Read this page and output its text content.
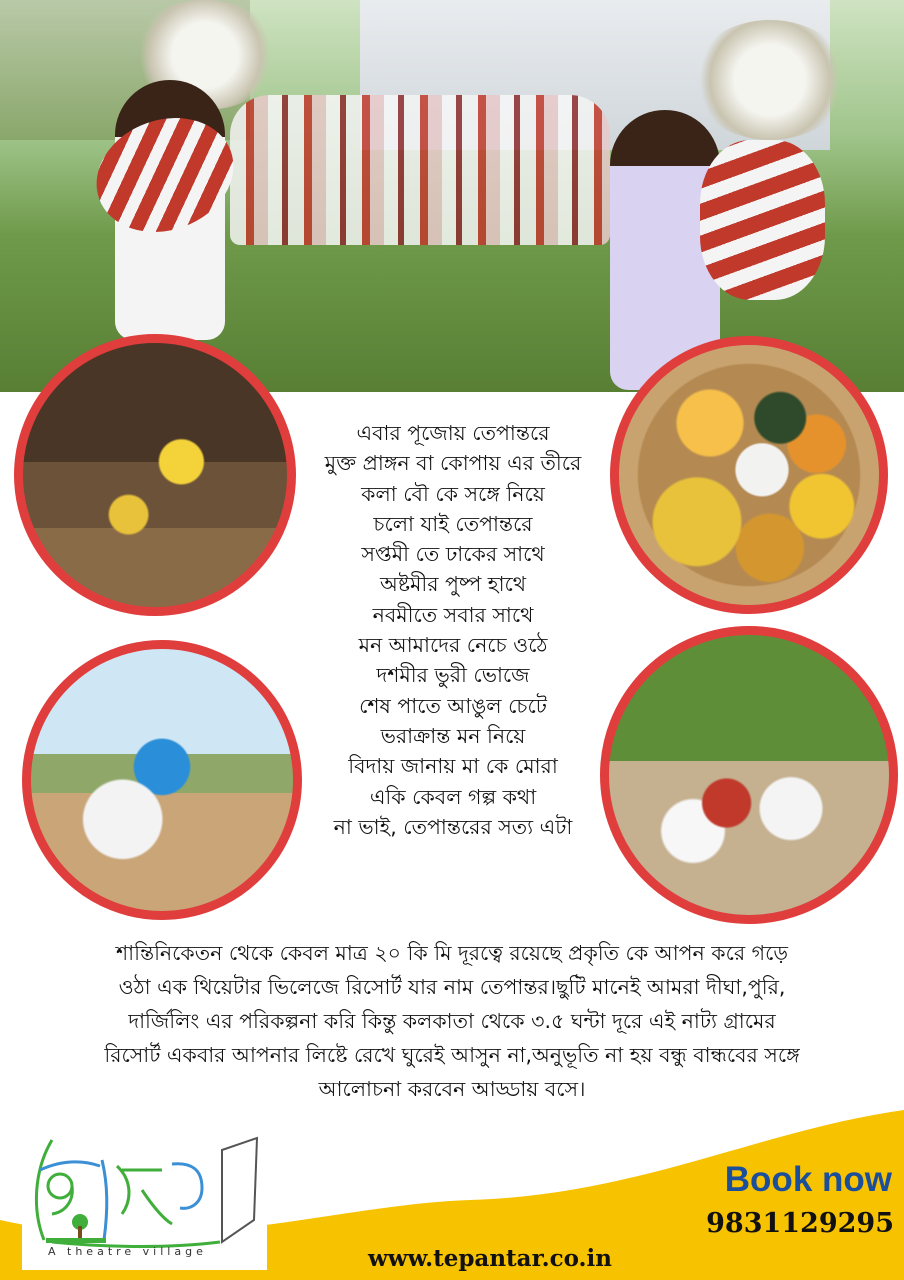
এবার পূজোয় তেপান্তরে
মুক্ত প্রাঙ্গন বা কোপায় এর তীরে
কলা বৌ কে সঙ্গে নিয়ে
চলো যাই তেপান্তরে
সপ্তমী তে ঢাকের সাথে
অষ্টমীর পুষ্প হাথে
নবমীতে সবার সাথে
মন আমাদের নেচে ওঠে
দশমীর ভুরী ভোজে
শেষ পাতে আঙুল চেটে
ভরাক্রান্ত মন নিয়ে
বিদায় জানায় মা কে মোরা
একি কেবল গল্প কথা
না ভাই, তেপান্তরের সত্য এটা
শান্তিনিকেতন থেকে কেবল মাত্র ২০ কি মি দূরত্বে রয়েছে প্রকৃতি কে আপন করে গড়ে
ওঠা এক থিয়েটার ভিলেজে রিসোর্ট যার নাম তেপান্তর।ছুটি মানেই আমরা দীঘা,পুরি,
দার্জিলিং এর পরিকল্পনা করি কিন্তু কলকাতা থেকে ৩.৫ ঘন্টা দূরে এই নাট্য গ্রামের
রিসোর্ট একবার আপনার লিষ্টে রেখে ঘুরেই আসুন না,অনুভূতি না হয় বন্ধু বান্ধবের সঙ্গে
আলোচনা করবেন আড্ডায় বসে।
A theatre village
Book now
9831129295
www.tepantar.co.in
